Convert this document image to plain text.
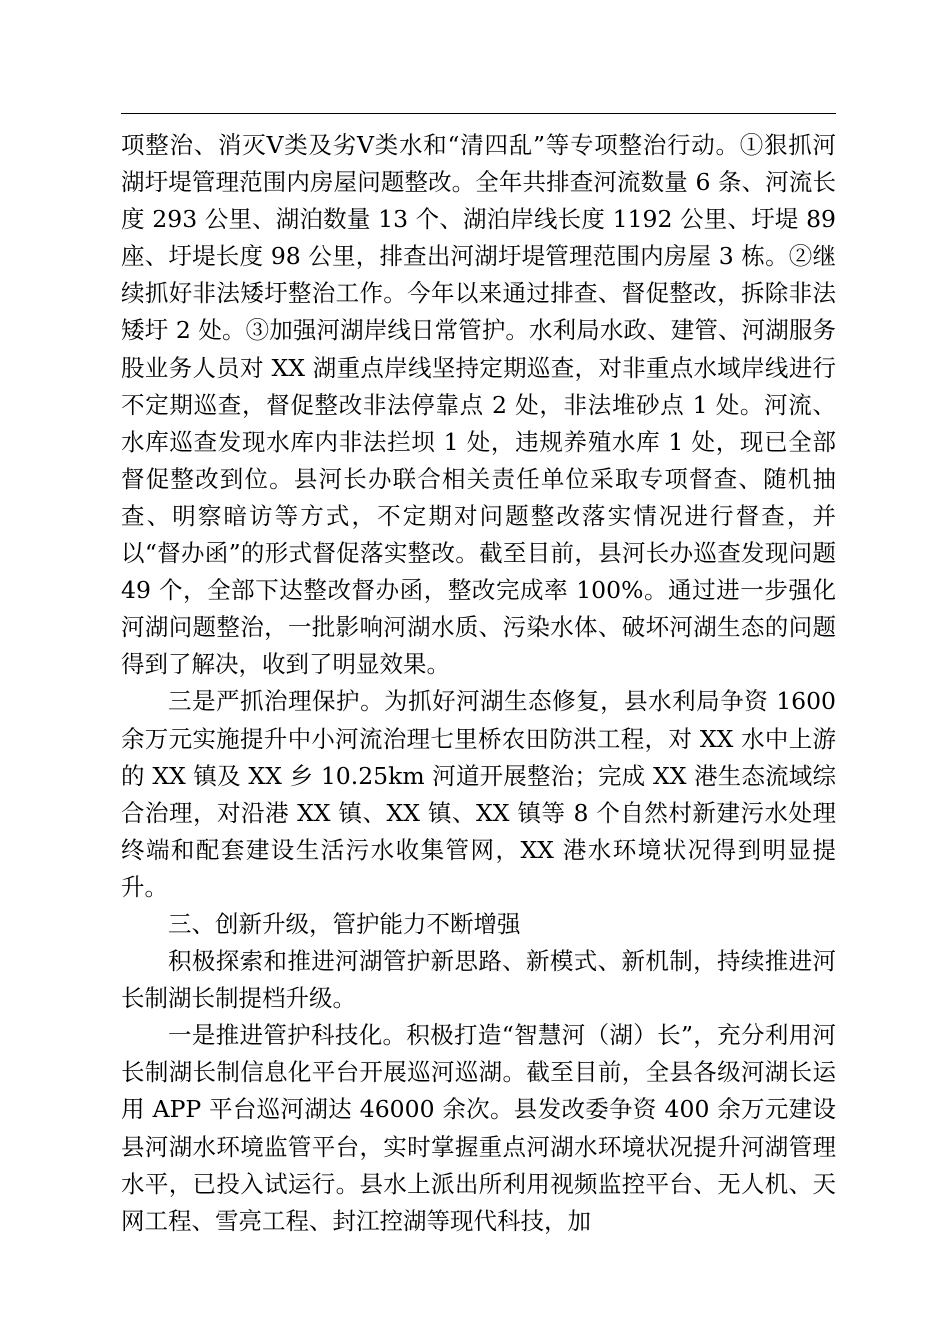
项整治、消灭Ⅴ类及劣Ⅴ类水和“清四乱”等专项整治行动。①狠抓河湖圩堤管理范围内房屋问题整改。全年共排查河流数量 6 条、河流长度 293 公里、湖泊数量 13 个、湖泊岸线长度 1192 公里、圩堤 89 座、圩堤长度 98 公里，排查出河湖圩堤管理范围内房屋 3 栋。②继续抓好非法矮圩整治工作。今年以来通过排查、督促整改，拆除非法矮圩 2 处。③加强河湖岸线日常管护。水利局水政、建管、河湖服务股业务人员对 XX 湖重点岸线坚持定期巡查，对非重点水域岸线进行不定期巡查，督促整改非法停靠点 2 处，非法堆砂点 1 处。河流、水库巡查发现水库内非法拦坝 1 处，违规养殖水库 1 处，现已全部督促整改到位。县河长办联合相关责任单位采取专项督查、随机抽查、明察暗访等方式，不定期对问题整改落实情况进行督查，并以“督办函”的形式督促落实整改。截至目前，县河长办巡查发现问题 49 个，全部下达整改督办函，整改完成率 100%。通过进一步强化河湖问题整治，一批影响河湖水质、污染水体、破坏河湖生态的问题得到了解决，收到了明显效果。

三是严抓治理保护。为抓好河湖生态修复，县水利局争资 1600 余万元实施提升中小河流治理七里桥农田防洪工程，对 XX 水中上游的 XX 镇及 XX 乡 10.25km 河道开展整治；完成 XX 港生态流域综合治理，对沿港 XX 镇、XX 镇、XX 镇等 8 个自然村新建污水处理终端和配套建设生活污水收集管网，XX 港水环境状况得到明显提升。

三、创新升级，管护能力不断增强

积极探索和推进河湖管护新思路、新模式、新机制，持续推进河长制湖长制提档升级。

一是推进管护科技化。积极打造“智慧河（湖）长”，充分利用河长制湖长制信息化平台开展巡河巡湖。截至目前，全县各级河湖长运用 APP 平台巡河湖达 46000 余次。县发改委争资 400 余万元建设县河湖水环境监管平台，实时掌握重点河湖水环境状况提升河湖管理水平，已投入试运行。县水上派出所利用视频监控平台、无人机、天网工程、雪亮工程、封江控湖等现代科技，加
